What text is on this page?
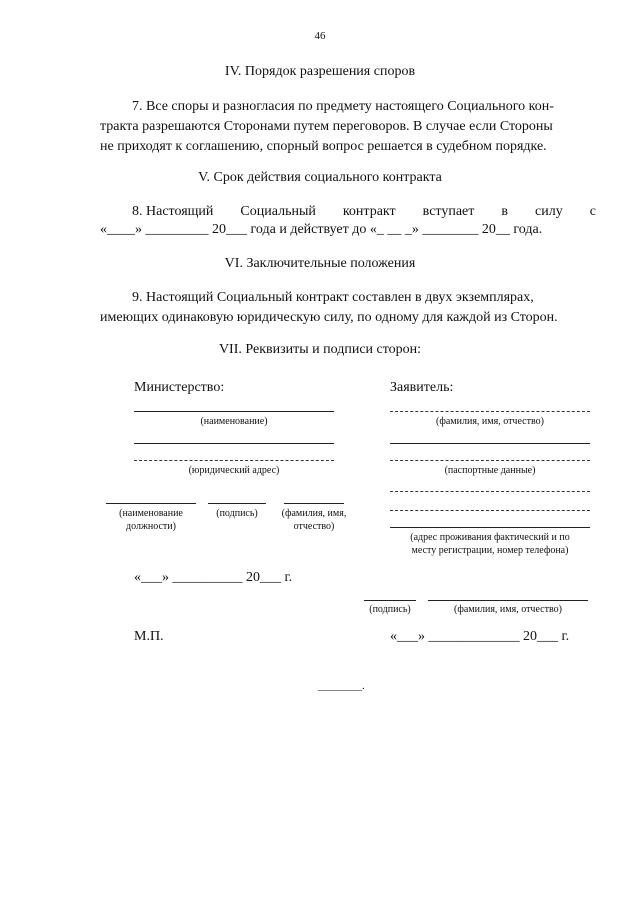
46
IV. Порядок разрешения споров
7. Все споры и разногласия по предмету настоящего Социального кон-
тракта разрешаются Сторонами путем переговоров. В случае если Стороны
не приходят к соглашению, спорный вопрос решается в судебном порядке.
V. Срок действия социального контракта
8. Настоящий Социальный контракт вступает в силу с
«____» _________ 20___ года и действует до «_ __ _» ________ 20__ года.
VI. Заключительные положения
9. Настоящий Социальный контракт составлен в двух экземплярах,
имеющих одинаковую юридическую силу, по одному для каждой из Сторон.
VII. Реквизиты и подписи сторон:
Министерство:
(наименование)
(юридический адрес)
(наименование
должности)
(подпись)	(фамилия, имя,
отчество)
«___» __________ 20___ г.
М.П.
Заявитель:
(фамилия, имя, отчество)
(паспортные данные)
(адрес проживания фактический и по
месту регистрации, номер телефона)
(подпись)	(фамилия, имя, отчество)
«___» _____________ 20___ г.
________.
